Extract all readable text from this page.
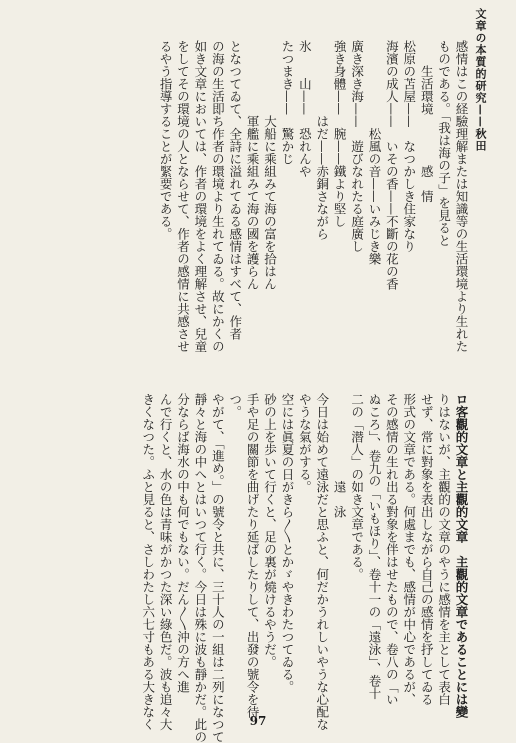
文章の本質的研究——秋田
感情はこの経驗理解または知識等の生活環境より生れた
ものである。「我は海の子」を見ると
　　生活環境　　　　感　情
松原の苫屋——　なつかしき住家なり
海濱の成人——　いその香——不斷の花の香
　　　　　　　松風の音——いみじき樂
廣き深き海——　遊びなれたる庭廣し
強き身體——　腕——鐵より堅し
　　　　　　はだ——赤銅さながら
氷　　山——　恐れんや
たつまき——　驚かじ
　　　　　　大船に乘組みて海の富を拾はん
　　　　　　軍艦に乘組みて海の國を護らん
となつてゐて、全詩に溢れてゐる感情はすべて、作者
の海の生活即ち作者の環境より生れてゐる。故にかくの
如き文章においては、作者の環境をよく理解させ、兒童
をしてその環境の人とならせて、作者の感情に共感させ
るやう指導することが緊要である。
ロ客觀的文章と主觀的文章　主觀的文章であることには變
りはないが、主觀的の文章のやうに感情を主として表白
せず、常に對象を表出しながら自己の感情を抒してゐる
形式の文章である。何處までも、感情が中心であるが、
その感情の生れ出る對象を伴はせたもので、卷八の「い
ぬころ」、卷九の「いもほり」、卷十一の「遠泳」、卷十
二の「潜人」の如き文章である。
　　　　　　　遠　泳
今日は始めて遠泳だと思ふと、何だかうれしいやうな心配な
やうな氣がする。
空には眞夏の日がきら〳〵とかゞやきわたつてゐる。
砂の上を歩いて行くと、足の裏が燒けるやうだ。
手や足の關節を曲げたり延ばしたりして、出發の號令を待
つ。
やがて、「進め。」の號令と共に、三十人の一組は二列になつて
靜々と海の中へとはいつて行く。今日は殊に波も靜かだ。此の
分ならば海水の中も何でもない。だん〳〵沖の方へ進
んで行くと、水の色は青味がかつた深い綠色だ。波も追々大
きくなつた。ふと見ると、さしわたし六七寸もある大きなく	97
